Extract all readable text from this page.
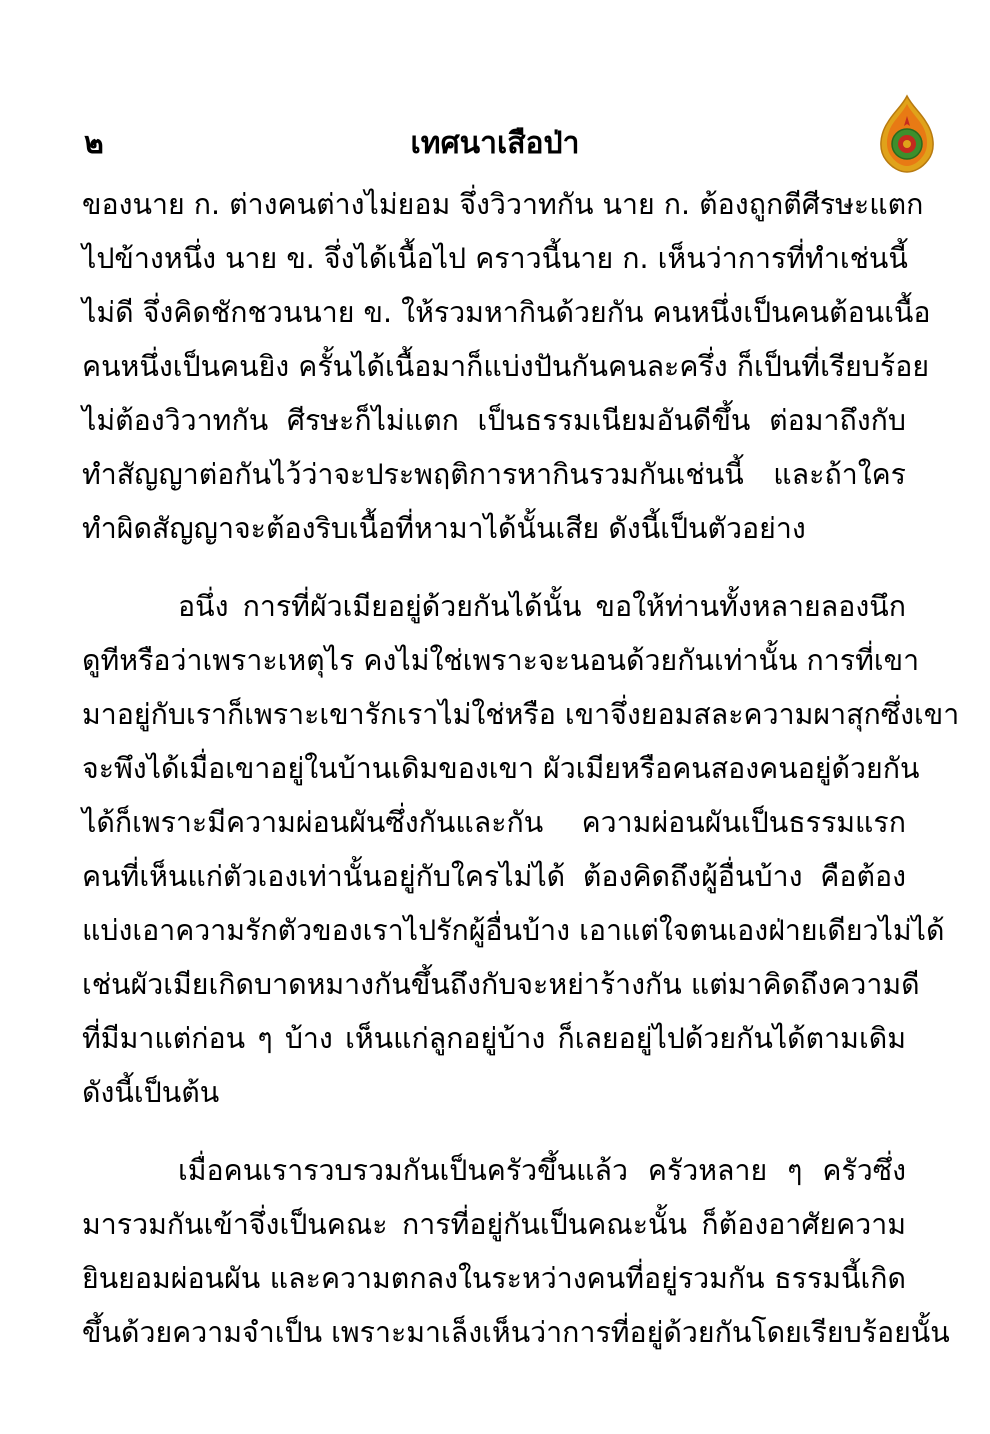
๒	เทศนาเสือป่า
ของนาย ก. ต่างคนต่างไม่ยอม จึ่งวิวาทกัน นาย ก. ต้องถูกตีศีรษะแตก
ไปข้างหนึ่ง นาย ข. จึ่งได้เนื้อไป คราวนี้นาย ก. เห็นว่าการที่ทำเช่นนี้
ไม่ดี จึ่งคิดชักชวนนาย ข. ให้รวมหากินด้วยกัน คนหนึ่งเป็นคนต้อนเนื้อ
คนหนึ่งเป็นคนยิง ครั้นได้เนื้อมาก็แบ่งปันกันคนละครึ่ง ก็เป็นที่เรียบร้อย
ไม่ต้องวิวาทกัน ศีรษะก็ไม่แตก เป็นธรรมเนียมอันดีขึ้น ต่อมาถึงกับ
ทำสัญญาต่อกันไว้ว่าจะประพฤติการหากินรวมกันเช่นนี้ และถ้าใคร
ทำผิดสัญญาจะต้องริบเนื้อที่หามาได้นั้นเสีย ดังนี้เป็นตัวอย่าง
อนึ่ง การที่ผัวเมียอยู่ด้วยกันได้นั้น ขอให้ท่านทั้งหลายลองนึก
ดูทีหรือว่าเพราะเหตุไร คงไม่ใช่เพราะจะนอนด้วยกันเท่านั้น การที่เขา
มาอยู่กับเราก็เพราะเขารักเราไม่ใช่หรือ เขาจึ่งยอมสละความผาสุกซึ่งเขา
จะพึงได้เมื่อเขาอยู่ในบ้านเดิมของเขา ผัวเมียหรือคนสองคนอยู่ด้วยกัน
ได้ก็เพราะมีความผ่อนผันซึ่งกันและกัน ความผ่อนผันเป็นธรรมแรก
คนที่เห็นแก่ตัวเองเท่านั้นอยู่กับใครไม่ได้ ต้องคิดถึงผู้อื่นบ้าง คือต้อง
แบ่งเอาความรักตัวของเราไปรักผู้อื่นบ้าง เอาแต่ใจตนเองฝ่ายเดียวไม่ได้
เช่นผัวเมียเกิดบาดหมางกันขึ้นถึงกับจะหย่าร้างกัน แต่มาคิดถึงความดี
ที่มีมาแต่ก่อน ๆ บ้าง เห็นแก่ลูกอยู่บ้าง ก็เลยอยู่ไปด้วยกันได้ตามเดิม
ดังนี้เป็นต้น
เมื่อคนเรารวบรวมกันเป็นครัวขึ้นแล้ว ครัวหลาย ๆ ครัวซึ่ง
มารวมกันเข้าจึ่งเป็นคณะ การที่อยู่กันเป็นคณะนั้น ก็ต้องอาศัยความ
ยินยอมผ่อนผัน และความตกลงในระหว่างคนที่อยู่รวมกัน ธรรมนี้เกิด
ขึ้นด้วยความจำเป็น เพราะมาเล็งเห็นว่าการที่อยู่ด้วยกันโดยเรียบร้อยนั้น
